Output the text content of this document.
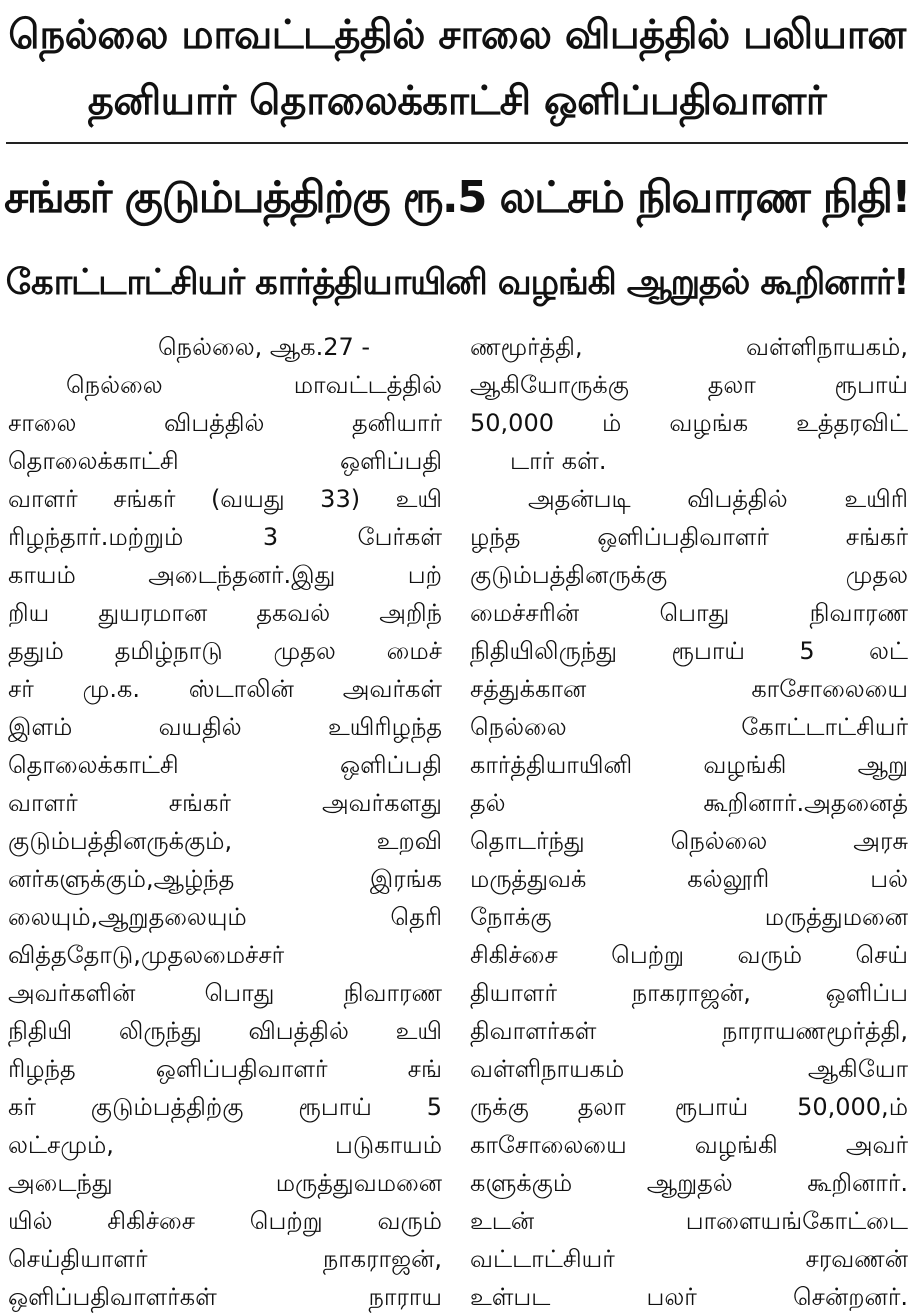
நெல்லை மாவட்டத்தில் சாலை விபத்தில் பலியான
தனியார் தொலைக்காட்சி ஒளிப்பதிவாளர்
சங்கர் குடும்பத்திற்கு ரூ.5 லட்சம் நிவாரண நிதி!
கோட்டாட்சியர் கார்த்தியாயினி வழங்கி ஆறுதல் கூறினார்!
நெல்லை, ஆக.27 -
நெல்லை மாவட்டத்தில்
சாலை விபத்தில் தனியார்
தொலைக்காட்சி ஒளிப்பதி
வாளர் சங்கர் (வயது 33) உயி
ரிழந்தார்.மற்றும் 3 பேர்கள்
காயம் அடைந்தனர்.இது பற்
றிய துயரமான தகவல் அறிந்
ததும் தமிழ்நாடு முதல மைச்
சர் மு.க. ஸ்டாலின் அவர்கள்
இளம் வயதில் உயிரிழந்த
தொலைக்காட்சி ஒளிப்பதி
வாளர் சங்கர் அவர்களது
குடும்பத்தினருக்கும், உறவி
னர்களுக்கும்,ஆழ்ந்த இரங்க
லையும்,ஆறுதலையும் தெரி
வித்ததோடு,முதலமைச்சர்
அவர்களின் பொது நிவாரண
நிதியி லிருந்து விபத்தில் உயி
ரிழந்த ஒளிப்பதிவாளர் சங்
கர் குடும்பத்திற்கு ரூபாய் 5
லட்சமும், படுகாயம்
அடைந்து மருத்துவமனை
யில் சிகிச்சை பெற்று வரும்
செய்தியாளர் நாகராஜன்,
ஒளிப்பதிவாளர்கள் நாராய
ணமூர்த்தி, வள்ளிநாயகம்,
ஆகியோருக்கு தலா ரூபாய்
50,000 ம் வழங்க உத்தரவிட்
டார் கள்.
அதன்படி விபத்தில் உயிரி
ழந்த ஒளிப்பதிவாளர் சங்கர்
குடும்பத்தினருக்கு முதல
மைச்சரின் பொது நிவாரண
நிதியிலிருந்து ரூபாய் 5 லட்
சத்துக்கான காசோலையை
நெல்லை கோட்டாட்சியர்
கார்த்தியாயினி வழங்கி ஆறு
தல் கூறினார்.அதனைத்
தொடர்ந்து நெல்லை அரசு
மருத்துவக் கல்லூரி பல்
நோக்கு மருத்துமனை
சிகிச்சை பெற்று வரும் செய்
தியாளர் நாகராஜன், ஒளிப்ப
திவாளர்கள் நாராயணமூர்த்தி,
வள்ளிநாயகம் ஆகியோ
ருக்கு தலா ரூபாய் 50,000,ம்
காசோலையை வழங்கி அவர்
களுக்கும் ஆறுதல் கூறினார்.
உடன் பாளையங்கோட்டை
வட்டாட்சியர் சரவணன்
உள்பட பலர் சென்றனர்.
